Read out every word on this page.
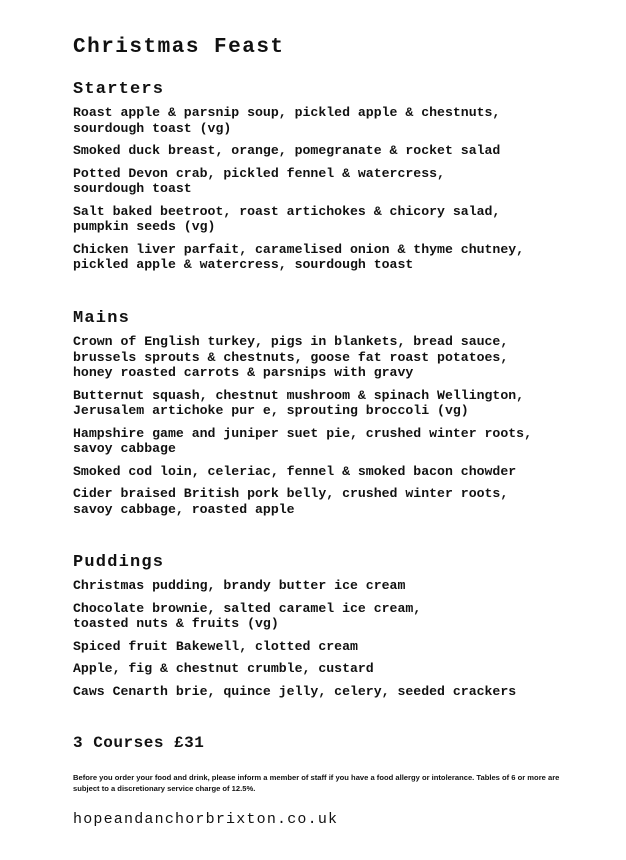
Christmas Feast
Starters

Roast apple & parsnip soup, pickled apple & chestnuts,
sourdough toast (vg)

Smoked duck breast, orange, pomegranate & rocket salad

Potted Devon crab, pickled fennel & watercress,
sourdough toast

Salt baked beetroot, roast artichokes & chicory salad,
pumpkin seeds (vg)

Chicken liver parfait, caramelised onion & thyme chutney,
pickled apple & watercress, sourdough toast

Mains

Crown of English turkey, pigs in blankets, bread sauce,
brussels sprouts & chestnuts, goose fat roast potatoes,
honey roasted carrots & parsnips with gravy

Butternut squash, chestnut mushroom & spinach Wellington,
Jerusalem artichoke pur e, sprouting broccoli (vg)

Hampshire game and juniper suet pie, crushed winter roots,
savoy cabbage

Smoked cod loin, celeriac, fennel & smoked bacon chowder

Cider braised British pork belly, crushed winter roots,
savoy cabbage, roasted apple

Puddings

Christmas pudding, brandy butter ice cream

Chocolate brownie, salted caramel ice cream,
toasted nuts & fruits (vg)

Spiced fruit Bakewell, clotted cream

Apple, fig & chestnut crumble, custard

Caws Cenarth brie, quince jelly, celery, seeded crackers

3 Courses £31

Before you order your food and drink, please inform a member of staff if you have a food allergy or intolerance. Tables of 6 or more are subject to a discretionary service charge of 12.5%.

hopeandanchorbrixton.co.uk
